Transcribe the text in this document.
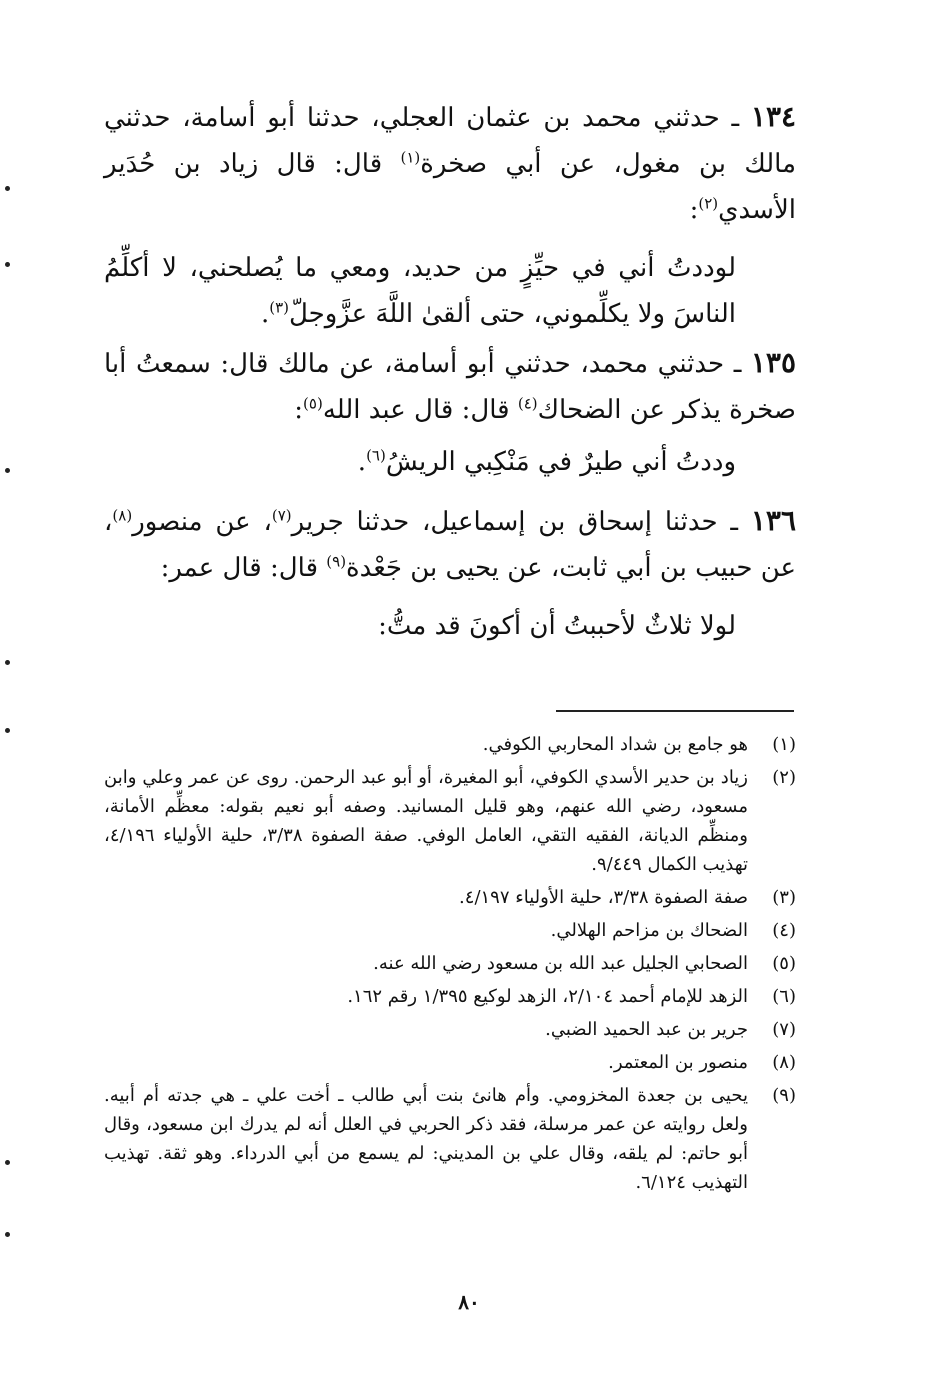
١٣٤ ـ حدثني محمد بن عثمان العجلي، حدثنا أبو أسامة، حدثني مالك بن مغول، عن أبي صخرة$^{(١)}$ قال: قال زياد بن حُدَير الأسدي$^{(٢)}$:

لوددتُ أني في حيِّزٍ من حديد، ومعي ما يُصلحني، لا أكلِّمُ الناسَ ولا يكلِّموني، حتى ألقىٰ اللَّهَ عزَّوجلّ$^{(٣)}$.

١٣٥ ـ حدثني محمد، حدثني أبو أسامة، عن مالك قال: سمعتُ أبا صخرة يذكر عن الضحاك$^{(٤)}$ قال: قال عبد الله$^{(٥)}$:

وددتُ أني طيرٌ في مَنْكِبي الريشُ$^{(٦)}$.

١٣٦ ـ حدثنا إسحاق بن إسماعيل، حدثنا جرير$^{(٧)}$، عن منصور$^{(٨)}$، عن حبيب بن أبي ثابت، عن يحيى بن جَعْدة$^{(٩)}$ قال: قال عمر:

لولا ثلاثٌ لأحببتُ أن أكونَ قد متُّ:

(١)
هو جامع بن شداد المحاربي الكوفي.
(٢)
زياد بن حدير الأسدي الكوفي، أبو المغيرة، أو أبو عبد الرحمن. روى عن عمر وعلي وابن مسعود، رضي الله عنهم، وهو قليل المسانيد. وصفه أبو نعيم بقوله: معظِّم الأمانة، ومنظِّم الديانة، الفقيه التقي، العامل الوفي. صفة الصفوة ٣/٣٨، حلية الأولياء ٤/١٩٦، تهذيب الكمال ٩/٤٤٩.
(٣)
صفة الصفوة ٣/٣٨، حلية الأولياء ٤/١٩٧.
(٤)
الضحاك بن مزاحم الهلالي.
(٥)
الصحابي الجليل عبد الله بن مسعود رضي الله عنه.
(٦)
الزهد للإمام أحمد ٢/١٠٤، الزهد لوكيع ١/٣٩٥ رقم ١٦٢.
(٧)
جرير بن عبد الحميد الضبي.
(٨)
منصور بن المعتمر.
(٩)
يحيى بن جعدة المخزومي. وأم هانئ بنت أبي طالب ـ أخت علي ـ هي جدته أم أبيه. ولعل روايته عن عمر مرسلة، فقد ذكر الحربي في العلل أنه لم يدرك ابن مسعود، وقال أبو حاتم: لم يلقه، وقال علي بن المديني: لم يسمع من أبي الدرداء. وهو ثقة. تهذيب التهذيب ٦/١٢٤.
٨٠
